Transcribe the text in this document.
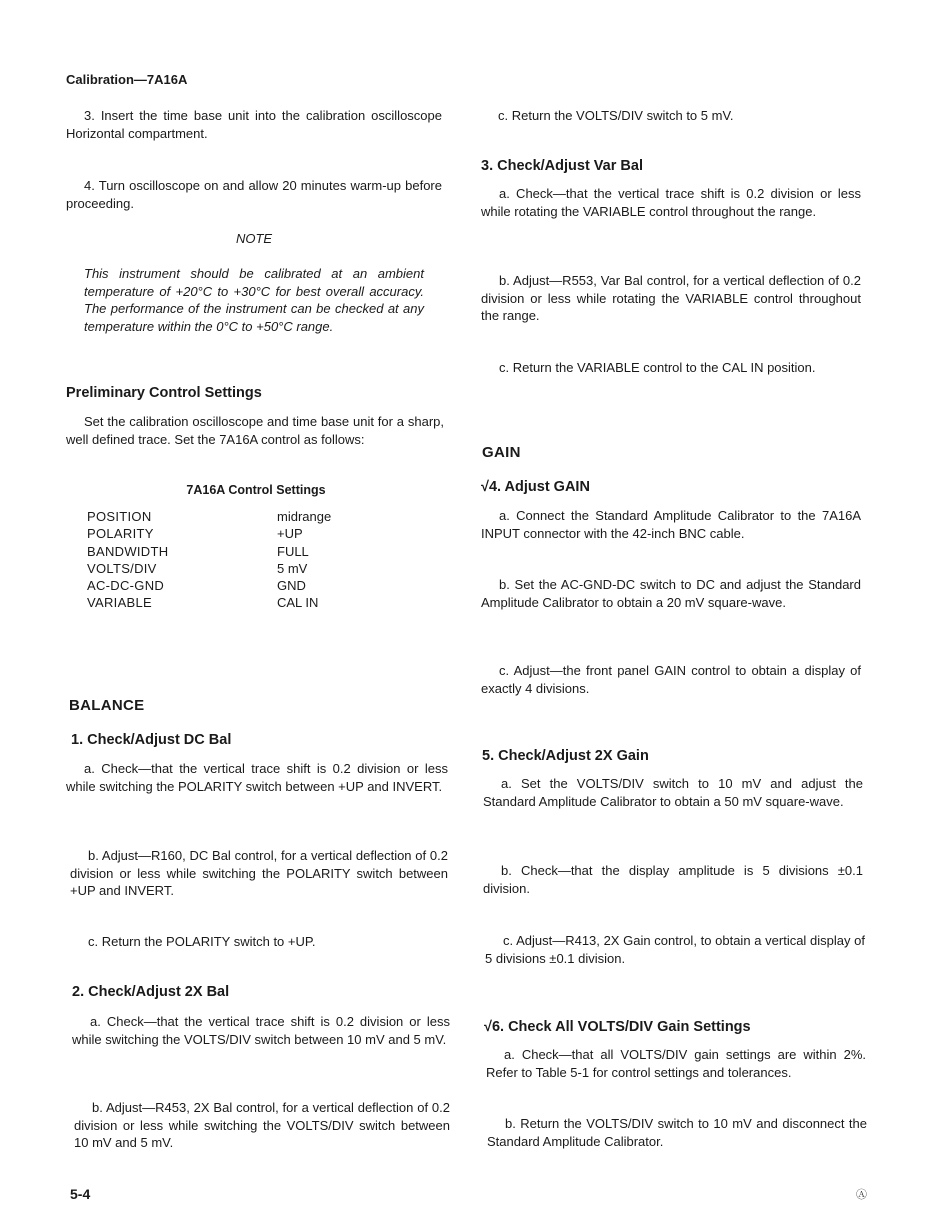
Calibration—7A16A

3. Insert the time base unit into the calibration oscilloscope Horizontal compartment.

4. Turn oscilloscope on and allow 20 minutes warm-up before proceeding.

NOTE

This instrument should be calibrated at an ambient temperature of +20°C to +30°C for best overall accuracy. The performance of the instrument can be checked at any temperature within the 0°C to +50°C range.

Preliminary Control Settings

Set the calibration oscilloscope and time base unit for a sharp, well defined trace. Set the 7A16A control as follows:

7A16A Control Settings
POSITION	midrange
POLARITY	+UP
BANDWIDTH	FULL
VOLTS/DIV	5 mV
AC-DC-GND	GND
VARIABLE	CAL IN
BALANCE
1. Check/Adjust DC Bal

a. Check—that the vertical trace shift is 0.2 division or less while switching the POLARITY switch between +UP and INVERT.

b. Adjust—R160, DC Bal control, for a vertical deflection of 0.2 division or less while switching the POLARITY switch between +UP and INVERT.

c. Return the POLARITY switch to +UP.

2. Check/Adjust 2X Bal

a. Check—that the vertical trace shift is 0.2 division or less while switching the VOLTS/DIV switch between 10 mV and 5 mV.

b. Adjust—R453, 2X Bal control, for a vertical deflection of 0.2 division or less while switching the VOLTS/DIV switch between 10 mV and 5 mV.

c. Return the VOLTS/DIV switch to 5 mV.

3. Check/Adjust Var Bal

a. Check—that the vertical trace shift is 0.2 division or less while rotating the VARIABLE control throughout the range.

b. Adjust—R553, Var Bal control, for a vertical deflection of 0.2 division or less while rotating the VARIABLE control throughout the range.

c. Return the VARIABLE control to the CAL IN position.

GAIN
√4. Adjust GAIN

a. Connect the Standard Amplitude Calibrator to the 7A16A INPUT connector with the 42-inch BNC cable.

b. Set the AC-GND-DC switch to DC and adjust the Standard Amplitude Calibrator to obtain a 20 mV square-wave.

c. Adjust—the front panel GAIN control to obtain a display of exactly 4 divisions.

5. Check/Adjust 2X Gain

a. Set the VOLTS/DIV switch to 10 mV and adjust the Standard Amplitude Calibrator to obtain a 50 mV square-wave.

b. Check—that the display amplitude is 5 divisions ±0.1 division.

c. Adjust—R413, 2X Gain control, to obtain a vertical display of 5 divisions ±0.1 division.

√6. Check All VOLTS/DIV Gain Settings

a. Check—that all VOLTS/DIV gain settings are within 2%. Refer to Table 5-1 for control settings and tolerances.

b. Return the VOLTS/DIV switch to 10 mV and disconnect the Standard Amplitude Calibrator.

5-4	Ⓐ
